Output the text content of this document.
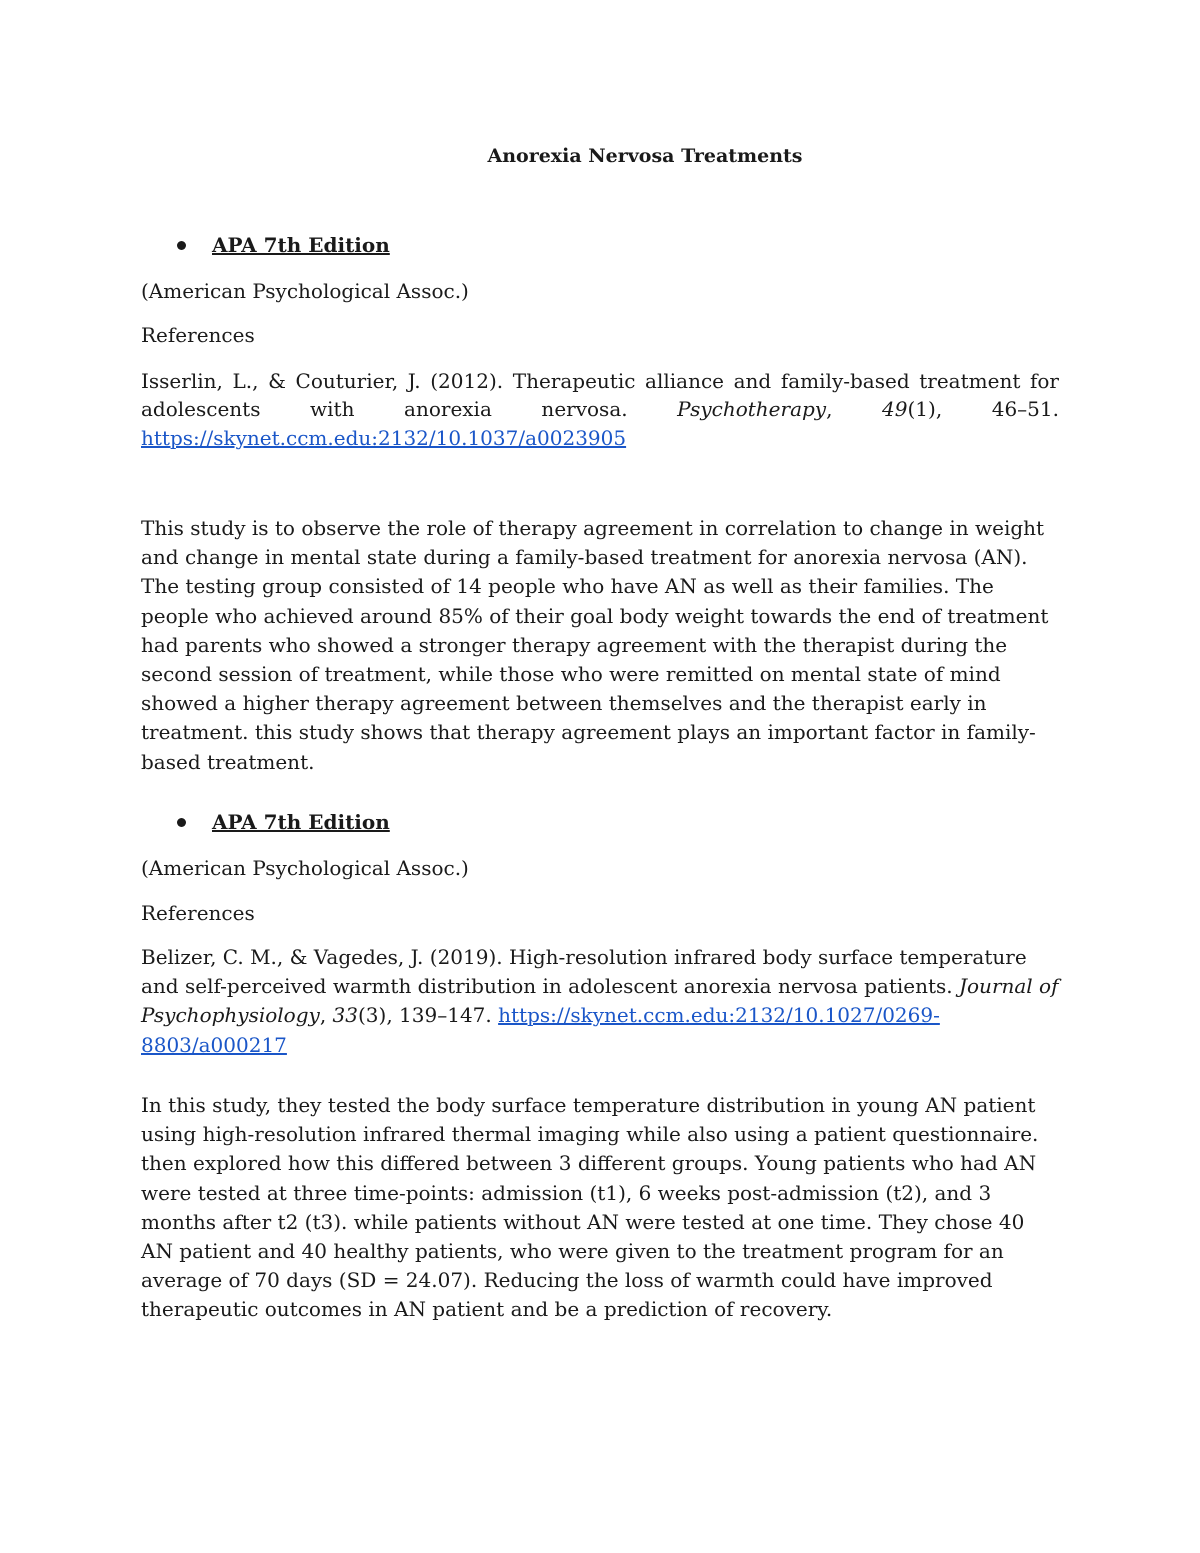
Anorexia Nervosa Treatments
APA 7th Edition

(American Psychological Assoc.)

References

Isserlin, L., & Couturier, J. (2012). Therapeutic alliance and family-based treatment for

adolescents with anorexia nervosa. Psychotherapy, 49(1), 46–51.

https://skynet.ccm.edu:2132/10.1037/a0023905

This study is to observe the role of therapy agreement in correlation to change in weight and change in mental state during a family-based treatment for anorexia nervosa (AN). The testing group consisted of 14 people who have AN as well as their families. The people who achieved around 85% of their goal body weight towards the end of treatment had parents who showed a stronger therapy agreement with the therapist during the second session of treatment, while those who were remitted on mental state of mind showed a higher therapy agreement between themselves and the therapist early in treatment. this study shows that therapy agreement plays an important factor in family-based treatment.

APA 7th Edition

(American Psychological Assoc.)

References

Belizer, C. M., & Vagedes, J. (2019). High-resolution infrared body surface temperature and self-perceived warmth distribution in adolescent anorexia nervosa patients. Journal of Psychophysiology, 33(3), 139–147. https://skynet.ccm.edu:2132/10.1027/0269-8803/a000217

In this study, they tested the body surface temperature distribution in young AN patient using high-resolution infrared thermal imaging while also using a patient questionnaire. then explored how this differed between 3 different groups. Young patients who had AN were tested at three time-points: admission (t1), 6 weeks post-admission (t2), and 3 months after t2 (t3). while patients without AN were tested at one time. They chose 40 AN patient and 40 healthy patients, who were given to the treatment program for an average of 70 days (SD = 24.07). Reducing the loss of warmth could have improved therapeutic outcomes in AN patient and be a prediction of recovery.
